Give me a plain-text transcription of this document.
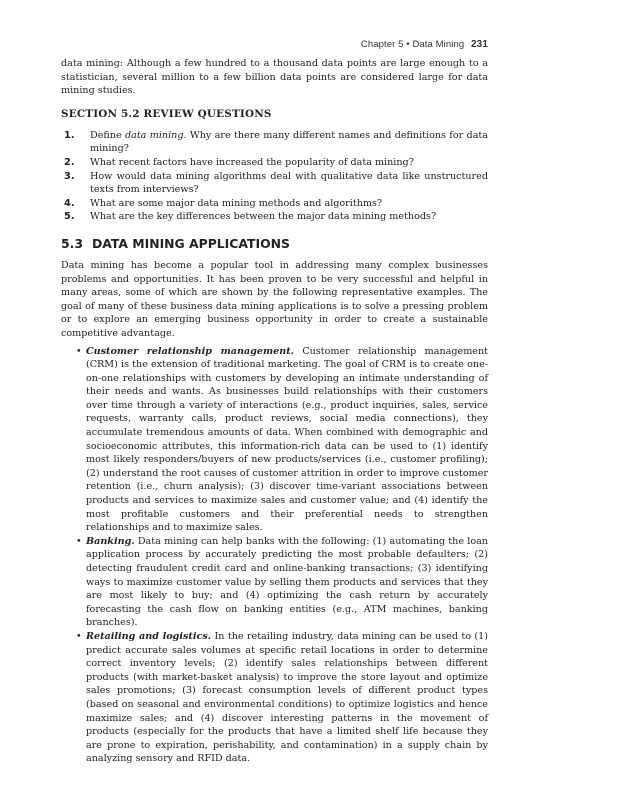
Chapter 5 • Data Mining 231

data mining: Although a few hundred to a thousand data points are large enough to a statistician, several million to a few billion data points are considered large for data mining studies.

SECTION 5.2 REVIEW QUESTIONS
1. Define data mining. Why are there many different names and definitions for data mining?
2. What recent factors have increased the popularity of data mining?
3. How would data mining algorithms deal with qualitative data like unstructured texts from interviews?
4. What are some major data mining methods and algorithms?
5. What are the key differences between the major data mining methods?
5.3 DATA MINING APPLICATIONS

Data mining has become a popular tool in addressing many complex businesses problems and opportunities. It has been proven to be very successful and helpful in many areas, some of which are shown by the following representative examples. The goal of many of these business data mining applications is to solve a pressing problem or to explore an emerging business opportunity in order to create a sustainable competitive advantage.

• Customer relationship management. Customer relationship management (CRM) is the extension of traditional marketing. The goal of CRM is to create one-on-one relationships with customers by developing an intimate understanding of their needs and wants. As businesses build relationships with their customers over time through a variety of interactions (e.g., product inquiries, sales, service requests, warranty calls, product reviews, social media connections), they accumulate tremendous amounts of data. When combined with demographic and socioeconomic attributes, this information-rich data can be used to (1) identify most likely responders/buyers of new products/services (i.e., customer profiling); (2) understand the root causes of customer attrition in order to improve customer retention (i.e., churn analysis); (3) discover time-variant associations between products and services to maximize sales and customer value; and (4) identify the most profitable customers and their preferential needs to strengthen relationships and to maximize sales.
• Banking. Data mining can help banks with the following: (1) automating the loan application process by accurately predicting the most probable defaulters; (2) detecting fraudulent credit card and online-banking transactions; (3) identifying ways to maximize customer value by selling them products and services that they are most likely to buy; and (4) optimizing the cash return by accurately forecasting the cash flow on banking entities (e.g., ATM machines, banking branches).
• Retailing and logistics. In the retailing industry, data mining can be used to (1) predict accurate sales volumes at specific retail locations in order to determine correct inventory levels; (2) identify sales relationships between different products (with market-basket analysis) to improve the store layout and optimize sales promotions; (3) forecast consumption levels of different product types (based on seasonal and environmental conditions) to optimize logistics and hence maximize sales; and (4) discover interesting patterns in the movement of products (especially for the products that have a limited shelf life because they are prone to expiration, perishability, and contamination) in a supply chain by analyzing sensory and RFID data.
